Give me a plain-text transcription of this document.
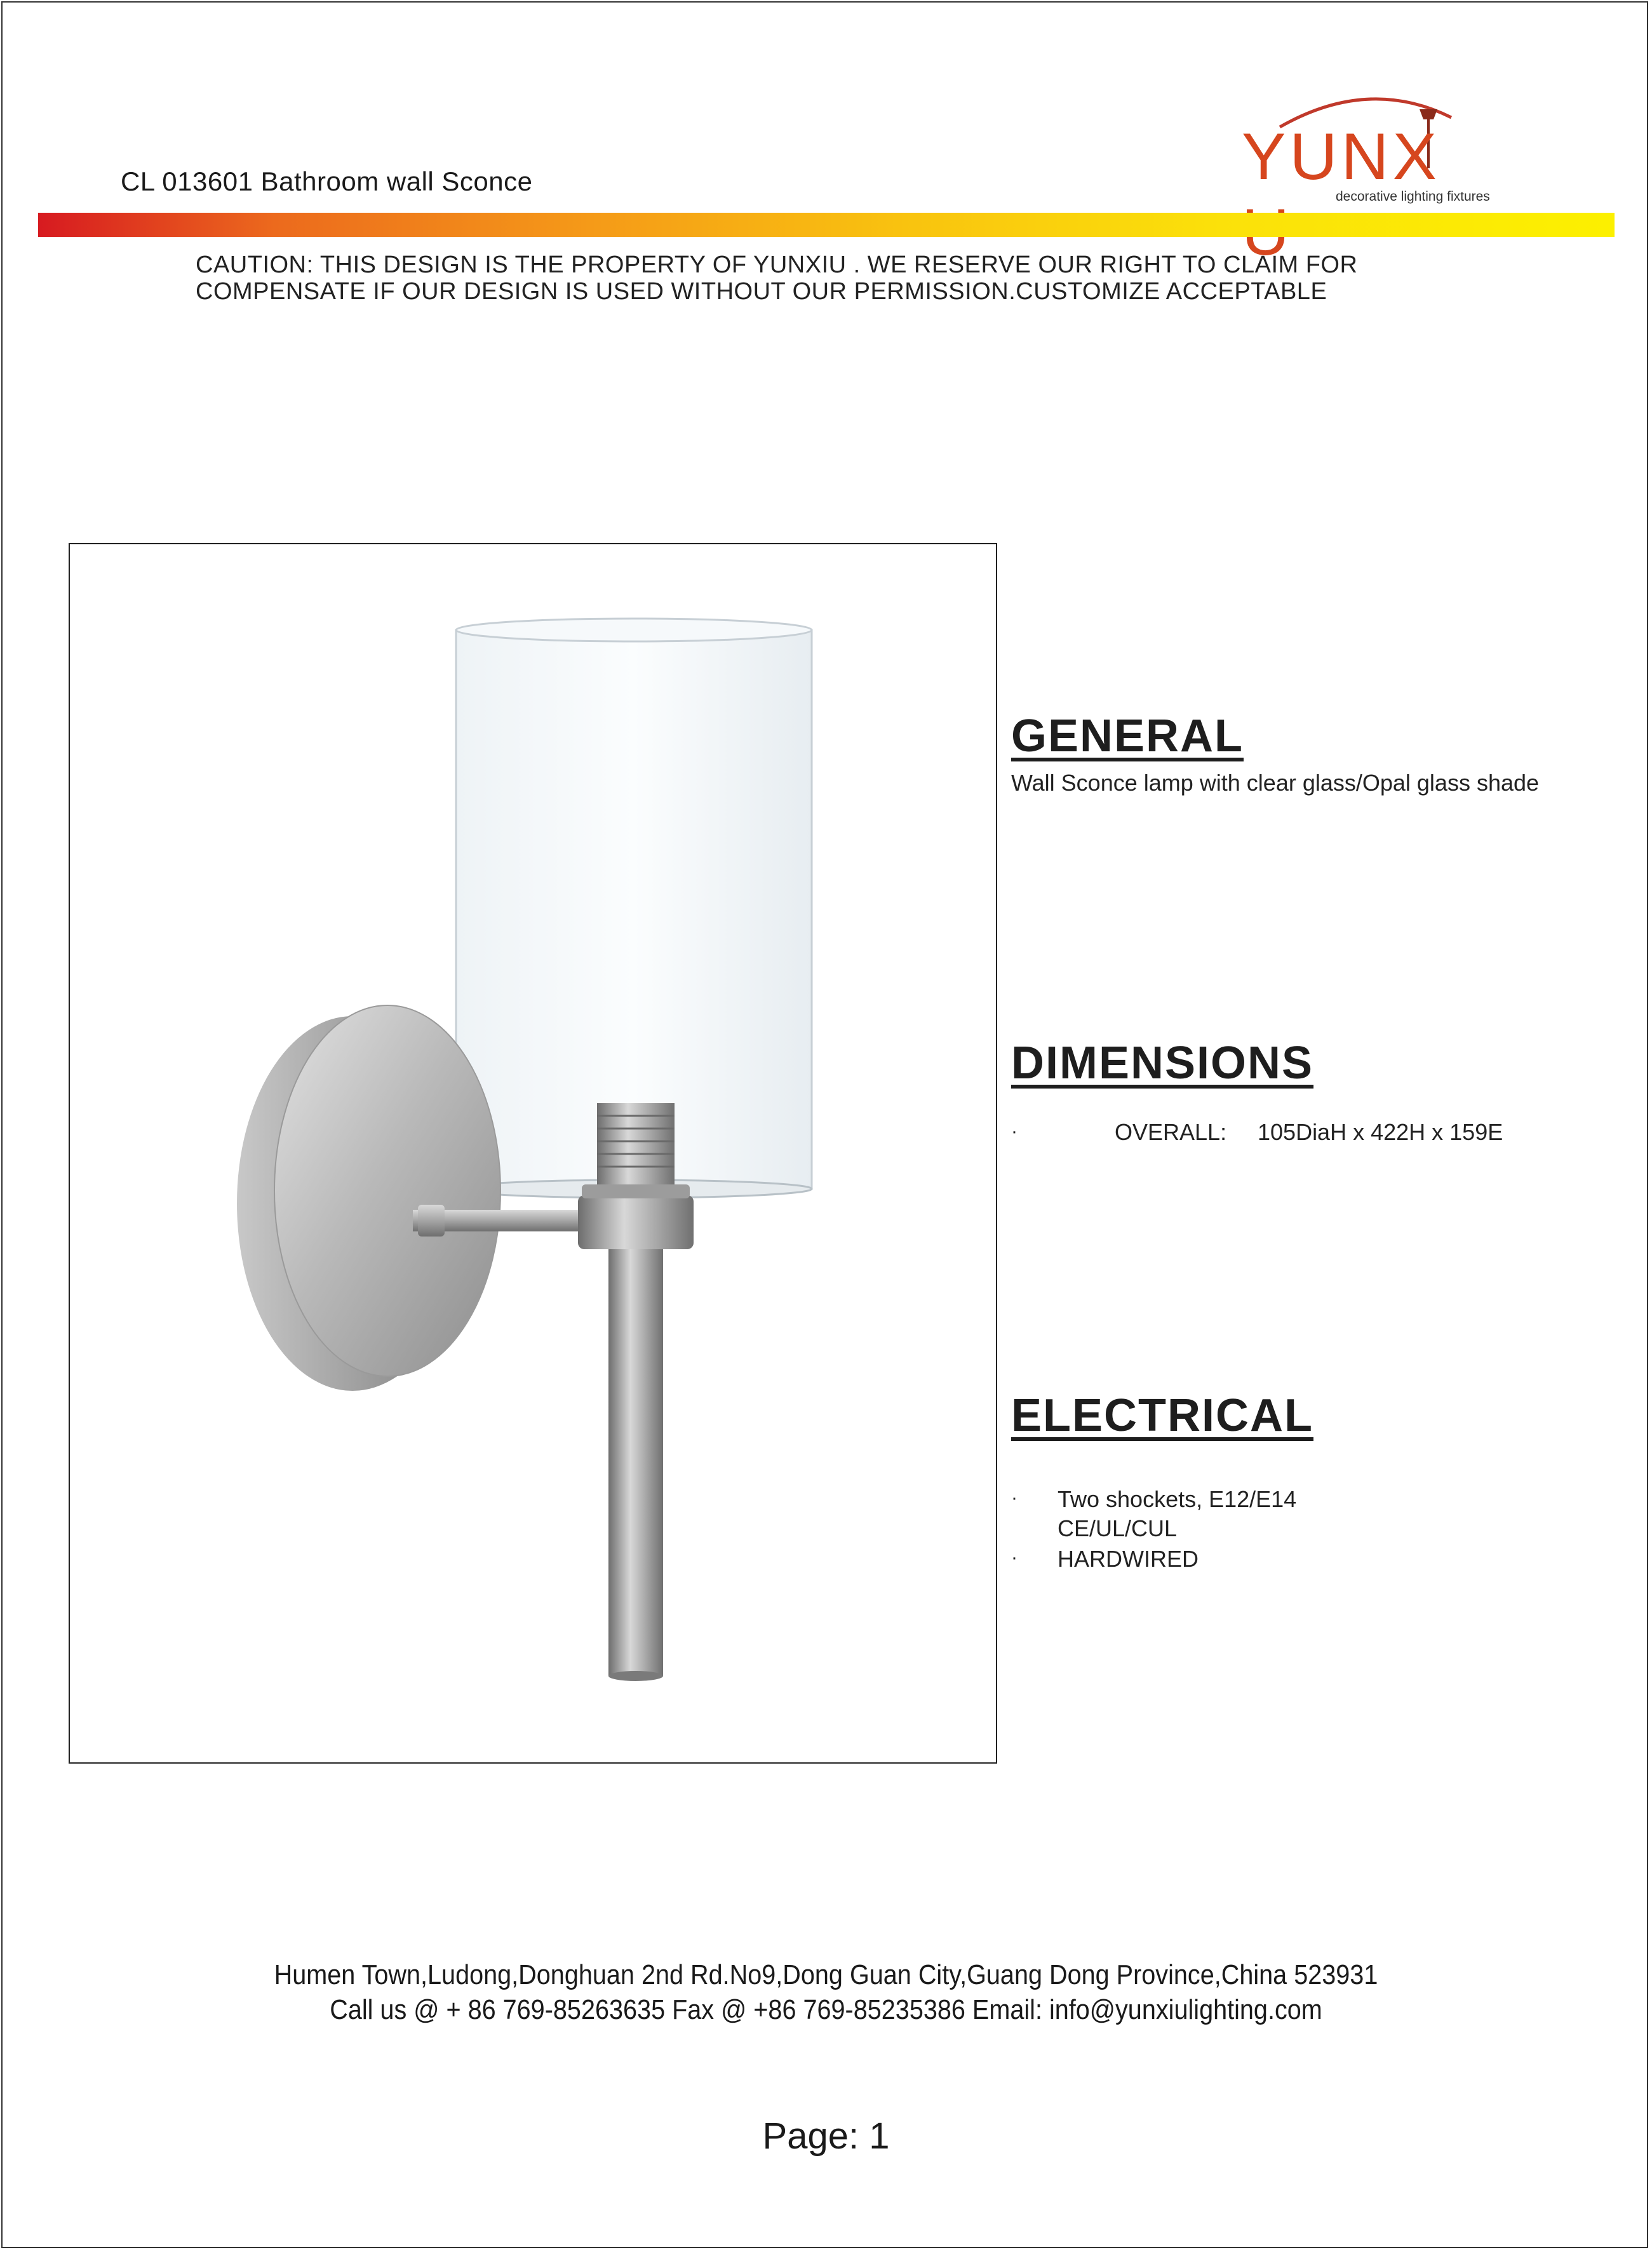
CL 013601 Bathroom wall Sconce	YUNX
decorative lighting fixtures
CAUTION: THIS DESIGN IS THE PROPERTY OF YUNXIU . WE RESERVE OUR RIGHT TO CLAIM FOR
COMPENSATE IF OUR DESIGN IS USED WITHOUT OUR PERMISSION.CUSTOMIZE ACCEPTABLE
GENERAL
Wall Sconce lamp with clear glass/Opal glass shade
DIMENSIONS
·	OVERALL: 105DiaH x 422H x 159E
ELECTRICAL
· Two shockets, E12/E14
CE/UL/CUL
· HARDWIRED
Humen Town,Ludong,Donghuan 2nd Rd.No9,Dong Guan City,Guang Dong Province,China 523931
Call us @ + 86 769-85263635 Fax @ +86 769-85235386 Email: info@yunxiulighting.com
Page: 1
